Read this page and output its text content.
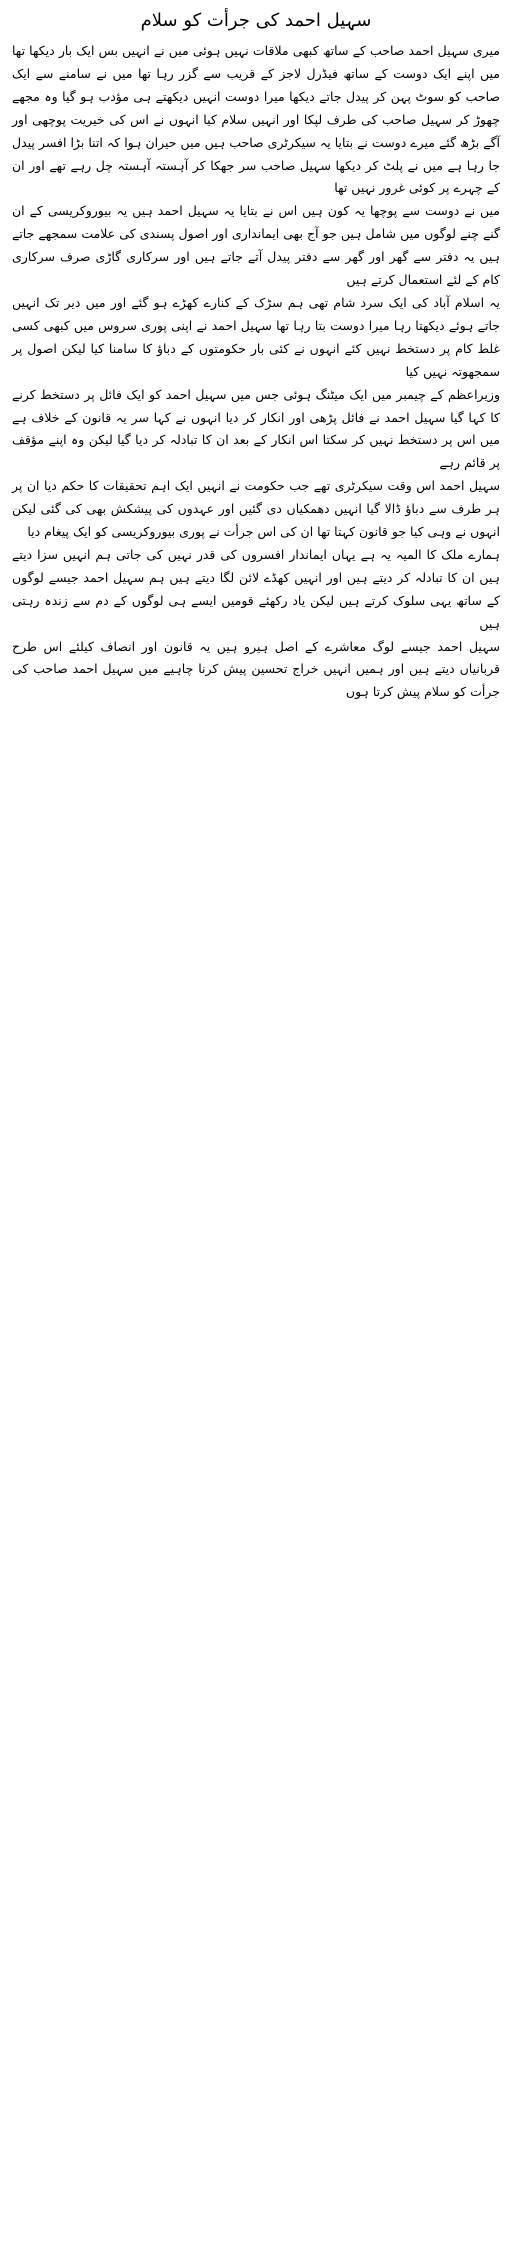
سہیل احمد کی جرأت کو سلام

میری سہیل احمد صاحب کے ساتھ کبھی ملاقات نہیں ہوئی میں نے انہیں بس ایک بار دیکھا تھا میں اپنے ایک دوست کے ساتھ فیڈرل لاجز کے قریب سے گزر رہا تھا میں نے سامنے سے ایک صاحب کو سوٹ پہن کر پیدل جاتے دیکھا میرا دوست انہیں دیکھتے ہی مؤدب ہو گیا وہ مجھے چھوڑ کر سہیل صاحب کی طرف لپکا اور انہیں سلام کیا انہوں نے اس کی خیریت پوچھی اور آگے بڑھ گئے میرے دوست نے بتایا یہ سیکرٹری صاحب ہیں میں حیران ہوا کہ اتنا بڑا افسر پیدل جا رہا ہے میں نے پلٹ کر دیکھا سہیل صاحب سر جھکا کر آہستہ آہستہ چل رہے تھے اور ان کے چہرے پر کوئی غرور نہیں تھا

میں نے دوست سے پوچھا یہ کون ہیں اس نے بتایا یہ سہیل احمد ہیں یہ بیوروکریسی کے ان گنے چنے لوگوں میں شامل ہیں جو آج بھی ایمانداری اور اصول پسندی کی علامت سمجھے جاتے ہیں یہ دفتر سے گھر اور گھر سے دفتر پیدل آتے جاتے ہیں اور سرکاری گاڑی صرف سرکاری کام کے لئے استعمال کرتے ہیں

یہ اسلام آباد کی ایک سرد شام تھی ہم سڑک کے کنارے کھڑے ہو گئے اور میں دیر تک انہیں جاتے ہوئے دیکھتا رہا میرا دوست بتا رہا تھا سہیل احمد نے اپنی پوری سروس میں کبھی کسی غلط کام پر دستخط نہیں کئے انہوں نے کئی بار حکومتوں کے دباؤ کا سامنا کیا لیکن اصول پر سمجھوتہ نہیں کیا

وزیراعظم کے چیمبر میں ایک میٹنگ ہوئی جس میں سہیل احمد کو ایک فائل پر دستخط کرنے کا کہا گیا سہیل احمد نے فائل پڑھی اور انکار کر دیا انہوں نے کہا سر یہ قانون کے خلاف ہے میں اس پر دستخط نہیں کر سکتا اس انکار کے بعد ان کا تبادلہ کر دیا گیا لیکن وہ اپنے مؤقف پر قائم رہے

سہیل احمد اس وقت سیکرٹری تھے جب حکومت نے انہیں ایک اہم تحقیقات کا حکم دیا ان پر ہر طرف سے دباؤ ڈالا گیا انہیں دھمکیاں دی گئیں اور عہدوں کی پیشکش بھی کی گئی لیکن انہوں نے وہی کیا جو قانون کہتا تھا ان کی اس جرأت نے پوری بیوروکریسی کو ایک پیغام دیا

ہمارے ملک کا المیہ یہ ہے یہاں ایماندار افسروں کی قدر نہیں کی جاتی ہم انہیں سزا دیتے ہیں ان کا تبادلہ کر دیتے ہیں اور انہیں کھڈے لائن لگا دیتے ہیں ہم سہیل احمد جیسے لوگوں کے ساتھ یہی سلوک کرتے ہیں لیکن یاد رکھئے قومیں ایسے ہی لوگوں کے دم سے زندہ رہتی ہیں

سہیل احمد جیسے لوگ معاشرے کے اصل ہیرو ہیں یہ قانون اور انصاف کیلئے اس طرح قربانیاں دیتے ہیں اور ہمیں انہیں خراج تحسین پیش کرنا چاہیے میں سہیل احمد صاحب کی جرأت کو سلام پیش کرتا ہوں
